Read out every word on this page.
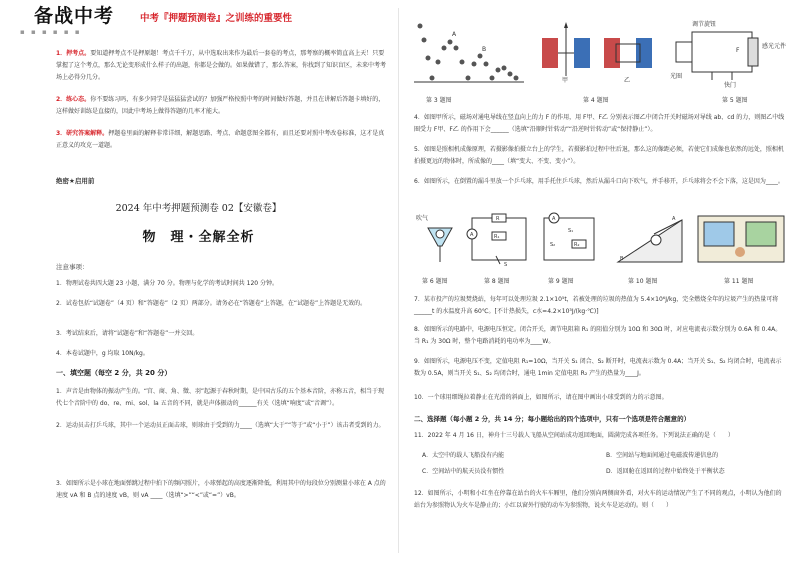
备战中考
▪ ▪ ▪ ▪ ▪ ▪
中考『押题预测卷』之训练的重要性
1．押考点。要知道押考点不是押原题！考点千千万，从中选取出来作为最后一套卷的考点，那考察的概率简直高上天！只要掌握了这个考点，那么无论变形成什么样子的出题，你都是会做的。如果做错了，那么答案，你找到了知识盲区，未来中考考场上必得分几分。
2．练心态。你不要练习吗，有多少同学是猛猛猛尝试的？加强严格按照中考的时间做好答题，并且在讲解后答题卡填好的，这样做好训练是直接的，因此中考场上做得答题的几率才能大。
3．研究答案解释。押题卷里面的解释非常详细，解题思路、考点、命题意图全都有，而且还要对照中考改卷标准，这才是真正意义的攻克一道题。
绝密★启用前
2024 年中考押题预测卷 02【安徽卷】
物　理・全解全析
注意事项：
1．物理试卷共四大题 23 小题，满分 70 分。物理与化学的考试时间共 120 分钟。
2．试卷包括“试题卷”（4 页）和“答题卷”（2 页）两部分。请务必在“答题卷”上答题，在“试题卷”上答题是无效的。
3．考试结束后，请将“试题卷”和“答题卷”一并交回。
4．本卷试题中，g 均取 10N/kg。
一、填空题（每空 2 分，共 20 分）
1．声音是由物体的振动产生的。“宫、商、角、徵、羽”起源于春秋时期，是中国古乐的五个基本音阶，亦称五音，相当于现代七个音阶中的 do、re、mi、sol、la 五音的不同，就是声体振动的______有关（选填“响度”或“音调”）。
2．运动员击打乒乓球，其中一个运动员正面击球，则球由于受到的力____（选填“大于”“等于”或“小于”）该击者受到的力。
3．如图所示是小球在地面弹跳过程中拍下的频闪照片，小球弹起的高度逐渐降低，利用其中的每段位分别测量小球在 A 点的速度 vA 和 B 点的速度 vB，则 vA ____（选填“>”“<”或“=”）vB。
A
B
第 3 题图
甲	乙
第 4 题图
调节旋钮
感光元件
光圈
快门
F
第 5 题图
4．如图甲所示，磁场对通电导线在竖直向上的力 F 的作用，用 F甲、F乙 分别表示图乙中闭合开关时磁场对导线 ab、cd 的力，则图乙中线圈受力 F甲、F乙 的作用下会______（选填“沿顺时针转动”“沿逆时针转动”或“保持静止”）。
5．如图是照相机成像原理，若摄影像拍摄立台上的学生，若摄影拍过程中往后退，那么这的像距必须，若使它们成像也依然的远处，照相机拍摄更远的物体时，所成像的____（填“变大、不变、变小”）。
6．如图所示，在倒置的漏斗里放一个乒乓球，用手托住乒乓球，然后从漏斗口向下吹气，并手移开，乒乓球将会不会下落，这是因为____。
吹气
第 6 题图
A
R
R₁
S
第 8 题图
A
S₁
S₂	R₂
第 9 题图
A
B
第 10 题图	第 11 题图
7．某市投产的垃圾焚烧站，每年可以处理垃圾 2.1×10⁵t，若被处理的垃圾的热值为 5.4×10⁶J/kg，完全燃烧全年的垃圾产生的热量可将______t 的水温度升高 60℃。[不计热损失，c水=4.2×10³J/(kg·℃)]
8．如图所示的电路中，电源电压恒定。闭合开关，调节电阻箱 R₁ 的阻值分别为 10Ω 和 30Ω 时，对应电流表示数分别为 0.6A 和 0.4A。当 R₁ 为 30Ω 时，整个电路消耗的电功率为____W。
9．如图所示，电源电压不变，定值电阻 R₁=10Ω，当开关 S₁ 闭合、S₂ 断开时，电流表示数为 0.4A；当开关 S₁、S₂ 均闭合时，电流表示数为 0.5A，则当开关 S₁、S₂ 均闭合时，通电 1min 定值电阻 R₂ 产生的热量为____J。
10．一个球用细绳拉着静止在光滑的斜面上，如图所示，请在图中画出小球受到的力的示意图。
二、选择题（每小题 2 分，共 14 分；每小题给出的四个选项中，只有一个选项是符合题意的）
11．2022 年 4 月 16 日，神舟十三号载人飞船从空间站成功返回地面，圆满完成各项任务。下列说法正确的是（　　）
A．太空中的载人飞船没有内能	B．空间站与地面间通过电磁波传递信息的
C．空间站中的航天员没有惯性	D．返回舱在返回的过程中始终处于平衡状态
12．如图所示，小明和小红坐在停靠在站台的火车车厢里，他们分别向两侧窗外看，对火车的运动情况产生了不同的观点，小明认为他们的站台为参照物认为火车是静止的；小红以窗外行驶的动车为参照物，说火车是运动的。则（　　）
